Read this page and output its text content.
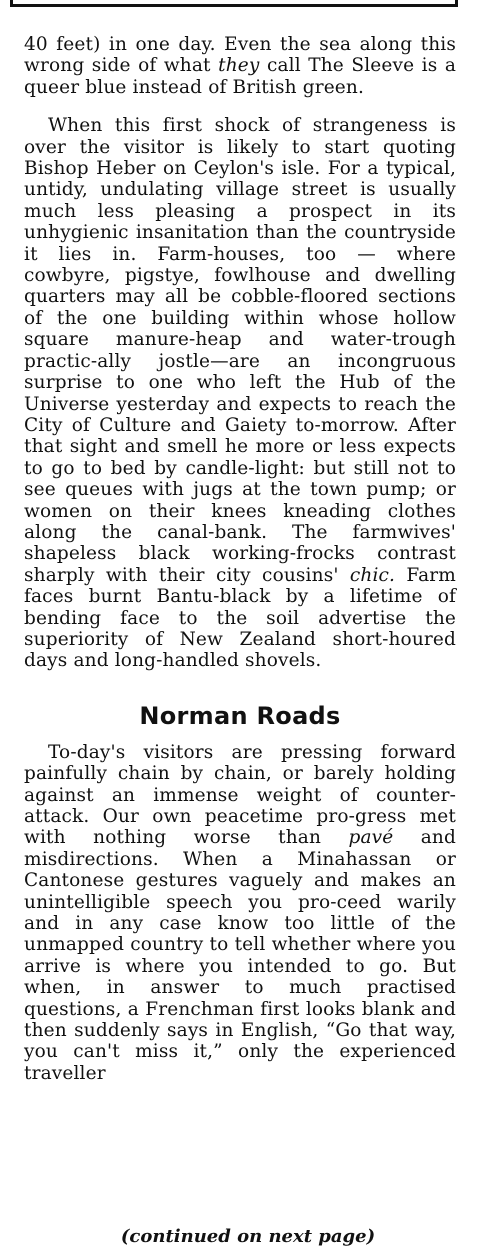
40 feet) in one day. Even the sea along this wrong side of what they call The Sleeve is a queer blue instead of British green.

When this first shock of strangeness is over the visitor is likely to start quoting Bishop Heber on Ceylon's isle. For a typical, untidy, undulating village street is usually much less pleasing a prospect in its unhygienic insanitation than the countryside it lies in. Farm-houses, too — where cowbyre, pigstye, fowlhouse and dwelling quarters may all be cobble-floored sections of the one building within whose hollow square manure-heap and water-trough practic-ally jostle—are an incongruous surprise to one who left the Hub of the Universe yesterday and expects to reach the City of Culture and Gaiety to-morrow. After that sight and smell he more or less expects to go to bed by candle-light: but still not to see queues with jugs at the town pump; or women on their knees kneading clothes along the canal-bank. The farmwives' shapeless black working-frocks contrast sharply with their city cousins' chic. Farm faces burnt Bantu-black by a lifetime of bending face to the soil advertise the superiority of New Zealand short-houred days and long-handled shovels.

Norman Roads

To-day's visitors are pressing forward painfully chain by chain, or barely holding against an immense weight of counter-attack. Our own peacetime pro-gress met with nothing worse than pavé and misdirections. When a Minahassan or Cantonese gestures vaguely and makes an unintelligible speech you pro-ceed warily and in any case know too little of the unmapped country to tell whether where you arrive is where you intended to go. But when, in answer to much practised questions, a Frenchman first looks blank and then suddenly says in English, “Go that way, you can't miss it,” only the experienced traveller

(continued on next page)
